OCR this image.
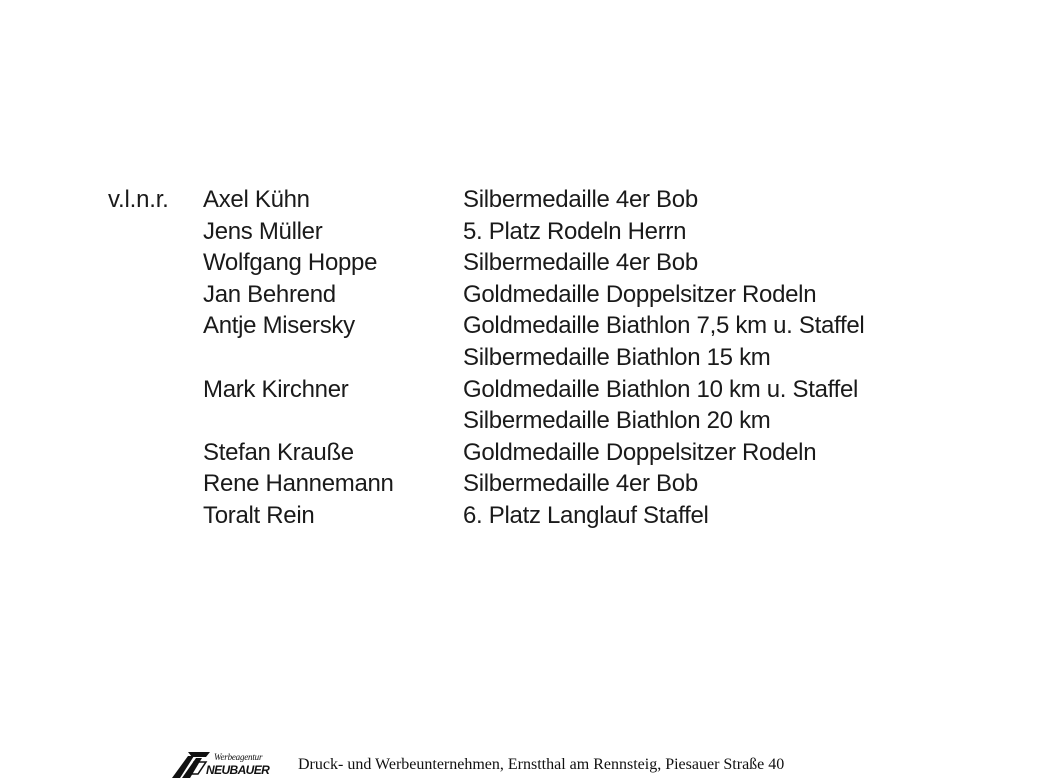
v.l.n.r. Axel Kühn
Jens Müller
Wolfgang Hoppe
Jan Behrend
Antje Misersky
Mark Kirchner
Stefan Krauße
Rene Hannemann
Toralt Rein
Silbermedaille 4er Bob
5. Platz Rodeln Herrn
Silbermedaille 4er Bob
Goldmedaille Doppelsitzer Rodeln
Goldmedaille Biathlon 7,5 km u. Staffel
Silbermedaille Biathlon 15 km
Goldmedaille Biathlon 10 km u. Staffel
Silbermedaille Biathlon 20 km
Goldmedaille Doppelsitzer Rodeln
Silbermedaille 4er Bob
6. Platz Langlauf Staffel
Werbeagentur
NEUBAUER Druck- und Werbeunternehmen, Ernstthal am Rennsteig, Piesauer Straße 40
